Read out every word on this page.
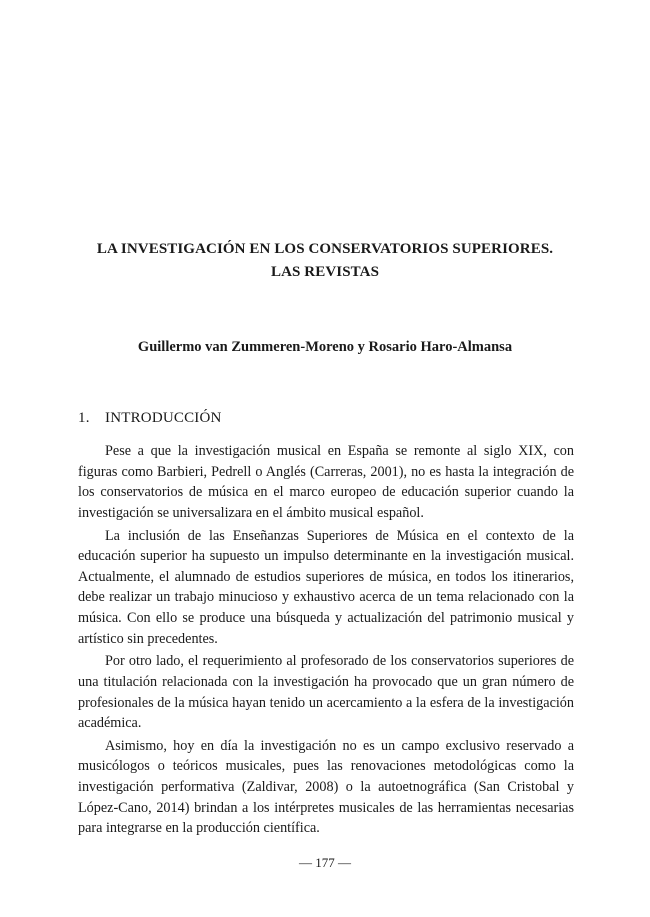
LA INVESTIGACIÓN EN LOS CONSERVATORIOS SUPERIORES.
LAS REVISTAS
Guillermo van Zummeren-Moreno y Rosario Haro-Almansa
1. INTRODUCCIÓN

Pese a que la investigación musical en España se remonte al siglo XIX, con figuras como Barbieri, Pedrell o Anglés (Carreras, 2001), no es hasta la integración de los conservatorios de música en el marco europeo de educación superior cuando la investigación se universalizara en el ámbito musical español.

La inclusión de las Enseñanzas Superiores de Música en el contexto de la educación superior ha supuesto un impulso determinante en la investigación musical. Actualmente, el alumnado de estudios superiores de música, en todos los itinerarios, debe realizar un trabajo minucioso y exhaustivo acerca de un tema relacionado con la música. Con ello se produce una búsqueda y actualización del patrimonio musical y artístico sin precedentes.

Por otro lado, el requerimiento al profesorado de los conservatorios superiores de una titulación relacionada con la investigación ha provocado que un gran número de profesionales de la música hayan tenido un acercamiento a la esfera de la investigación académica.

Asimismo, hoy en día la investigación no es un campo exclusivo reservado a musicólogos o teóricos musicales, pues las renovaciones metodológicas como la investigación performativa (Zaldivar, 2008) o la autoetnográfica (San Cristobal y López-Cano, 2014) brindan a los intérpretes musicales de las herramientas necesarias para integrarse en la producción científica.

— 177 —
